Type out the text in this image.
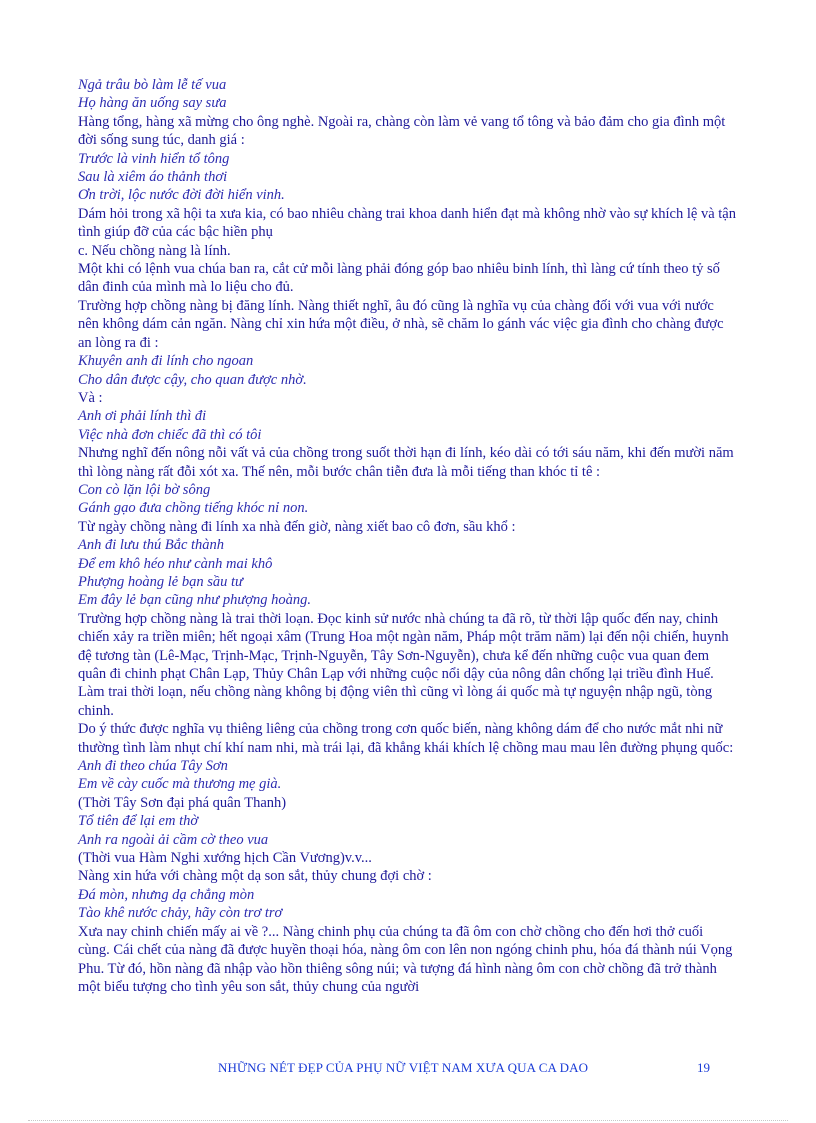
Ngả trâu bò làm lễ tế vua

Họ hàng ăn uống say sưa

Hàng tổng, hàng xã mừng cho ông nghè. Ngoài ra, chàng còn làm vẻ vang tổ tông và bảo đảm cho gia đình một đời sống sung túc, danh giá :

Trước là vinh hiển tổ tông

Sau là xiêm áo thảnh thơi

Ơn trời, lộc nước đời đời hiển vinh.

Dám hỏi trong xã hội ta xưa kia, có bao nhiêu chàng trai khoa danh hiển đạt mà không nhờ vào sự khích lệ và tận tình giúp đỡ của các bậc hiền phụ

c. Nếu chồng nàng là lính.

Một khi có lệnh vua chúa ban ra, cắt cử mỗi làng phải đóng góp bao nhiêu binh lính, thì làng cứ tính theo tỷ số dân đinh của mình mà lo liệu cho đủ.

Trường hợp chồng nàng bị đăng lính. Nàng thiết nghĩ, âu đó cũng là nghĩa vụ của chàng đối với vua với nước nên không dám cản ngăn. Nàng chỉ xin hứa một điều, ở nhà, sẽ chăm lo gánh vác việc gia đình cho chàng được an lòng ra đi :

Khuyên anh đi lính cho ngoan

Cho dân được cậy, cho quan được nhờ.

Và :

Anh ơi phải lính thì đi

Việc nhà đơn chiếc đã thì có tôi

Nhưng nghĩ đến nông nỗi vất vả của chồng trong suốt thời hạn đi lính, kéo dài có tới sáu năm, khi đến mười năm thì lòng nàng rất đỗi xót xa. Thế nên, mỗi bước chân tiễn đưa là mỗi tiếng than khóc tỉ tê :

Con cò lặn lội bờ sông

Gánh gạo đưa chồng tiếng khóc nỉ non.

Từ ngày chồng nàng đi lính xa nhà đến giờ, nàng xiết bao cô đơn, sầu khổ :

Anh đi lưu thú Bắc thành

Để em khô héo như cành mai khô

Phượng hoàng lẻ bạn sầu tư

Em đây lẻ bạn cũng như phượng hoàng.

Trường hợp chồng nàng là trai thời loạn. Đọc kinh sử nước nhà chúng ta đã rõ, từ thời lập quốc đến nay, chinh chiến xảy ra triền miên; hết ngoại xâm (Trung Hoa một ngàn năm, Pháp một trăm năm) lại đến nội chiến, huynh đệ tương tàn (Lê-Mạc, Trịnh-Mạc, Trịnh-Nguyễn, Tây Sơn-Nguyễn), chưa kể đến những cuộc vua quan đem quân đi chinh phạt Chân Lạp, Thủy Chân Lạp với những cuộc nổi dậy của nông dân chống lại triều đình Huế. Làm trai thời loạn, nếu chồng nàng không bị động viên thì cũng vì lòng ái quốc mà tự nguyện nhập ngũ, tòng chinh.

Do ý thức được nghĩa vụ thiêng liêng của chồng trong cơn quốc biến, nàng không dám để cho nước mắt nhi nữ thường tình làm nhụt chí khí nam nhi, mà trái lại, đã khẳng khái khích lệ chồng mau mau lên đường phụng quốc:

Anh đi theo chúa Tây Sơn

Em về cày cuốc mà thương mẹ già.

(Thời Tây Sơn đại phá quân Thanh)

Tổ tiên để lại em thờ

Anh ra ngoài ải cầm cờ theo vua

(Thời vua Hàm Nghi xướng hịch Cần Vương)v.v...

Nàng xin hứa với chàng một dạ son sắt, thủy chung đợi chờ :

Đá mòn, nhưng dạ chẳng mòn

Tào khê nước chảy, hãy còn trơ trơ

Xưa nay chinh chiến mấy ai về ?... Nàng chinh phụ của chúng ta đã ôm con chờ chồng cho đến hơi thở cuối cùng. Cái chết của nàng đã được huyền thoại hóa, nàng ôm con lên non ngóng chinh phu, hóa đá thành núi Vọng Phu. Từ đó, hồn nàng đã nhập vào hồn thiêng sông núi; và tượng đá hình nàng ôm con chờ chồng đã trở thành một biểu tượng cho tình yêu son sắt, thủy chung của người

NHỮNG NÉT ĐẸP CỦA PHỤ NỮ VIỆT NAM XƯA QUA CA DAO	19
